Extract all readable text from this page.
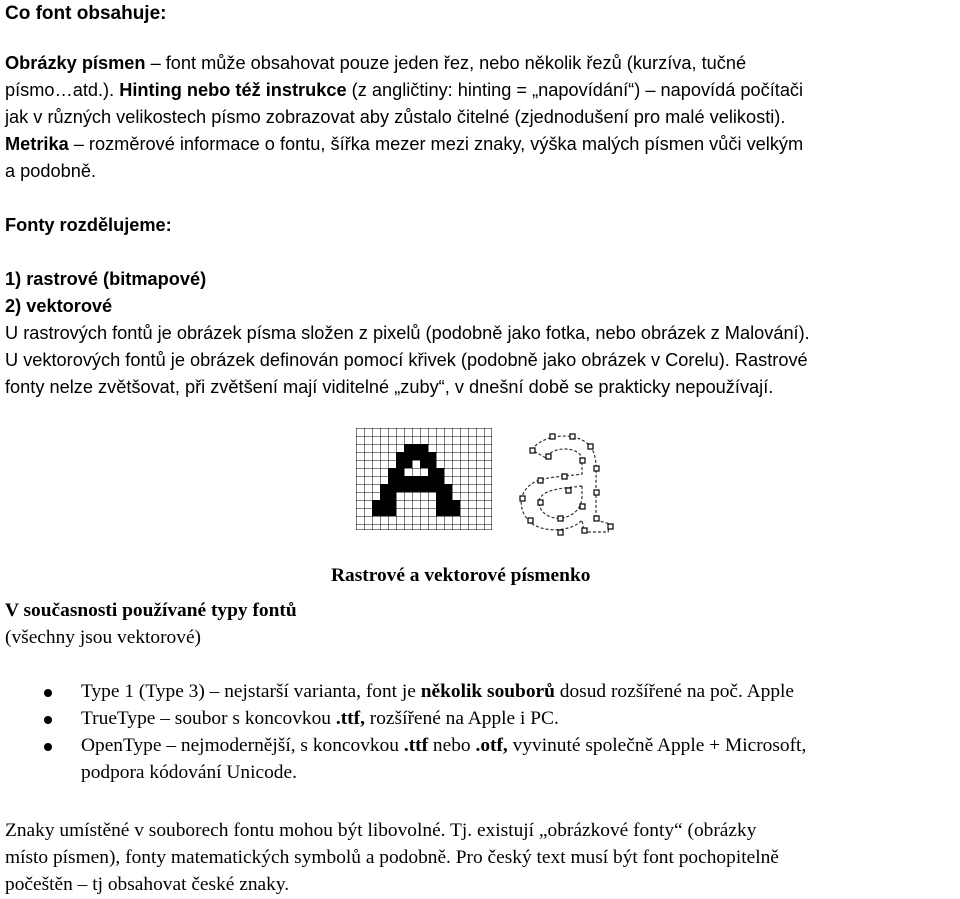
Co font obsahuje:

Obrázky písmen – font může obsahovat pouze jeden řez, nebo několik řezů (kurzíva, tučné
písmo…atd.). Hinting nebo též instrukce (z angličtiny: hinting = „napovídání“) – napovídá počítači
jak v různých velikostech písmo zobrazovat aby zůstalo čitelné (zjednodušení pro malé velikosti).
Metrika – rozměrové informace o fontu, šířka mezer mezi znaky, výška malých písmen vůči velkým
a podobně.

Fonty rozdělujeme:

1) rastrové (bitmapové)
2) vektorové
U rastrových fontů je obrázek písma složen z pixelů (podobně jako fotka, nebo obrázek z Malování).
U vektorových fontů je obrázek definován pomocí křivek (podobně jako obrázek v Corelu). Rastrové
fonty nelze zvětšovat, při zvětšení mají viditelné „zuby“, v dnešní době se prakticky nepoužívají.

Rastrové a vektorové písmenko

V současnosti používané typy fontů
(všechny jsou vektorové)

Type 1 (Type 3) – nejstarší varianta, font je několik souborů dosud rozšířené na poč. Apple
TrueType – soubor s koncovkou .ttf, rozšířené na Apple i PC.
OpenType – nejmodernější, s koncovkou .ttf nebo .otf, vyvinuté společně Apple + Microsoft,
podpora kódování Unicode.

Znaky umístěné v souborech fontu mohou být libovolné. Tj. existují „obrázkové fonty“ (obrázky
místo písmen), fonty matematických symbolů a podobně. Pro český text musí být font pochopitelně
počeštěn – tj obsahovat české znaky.
